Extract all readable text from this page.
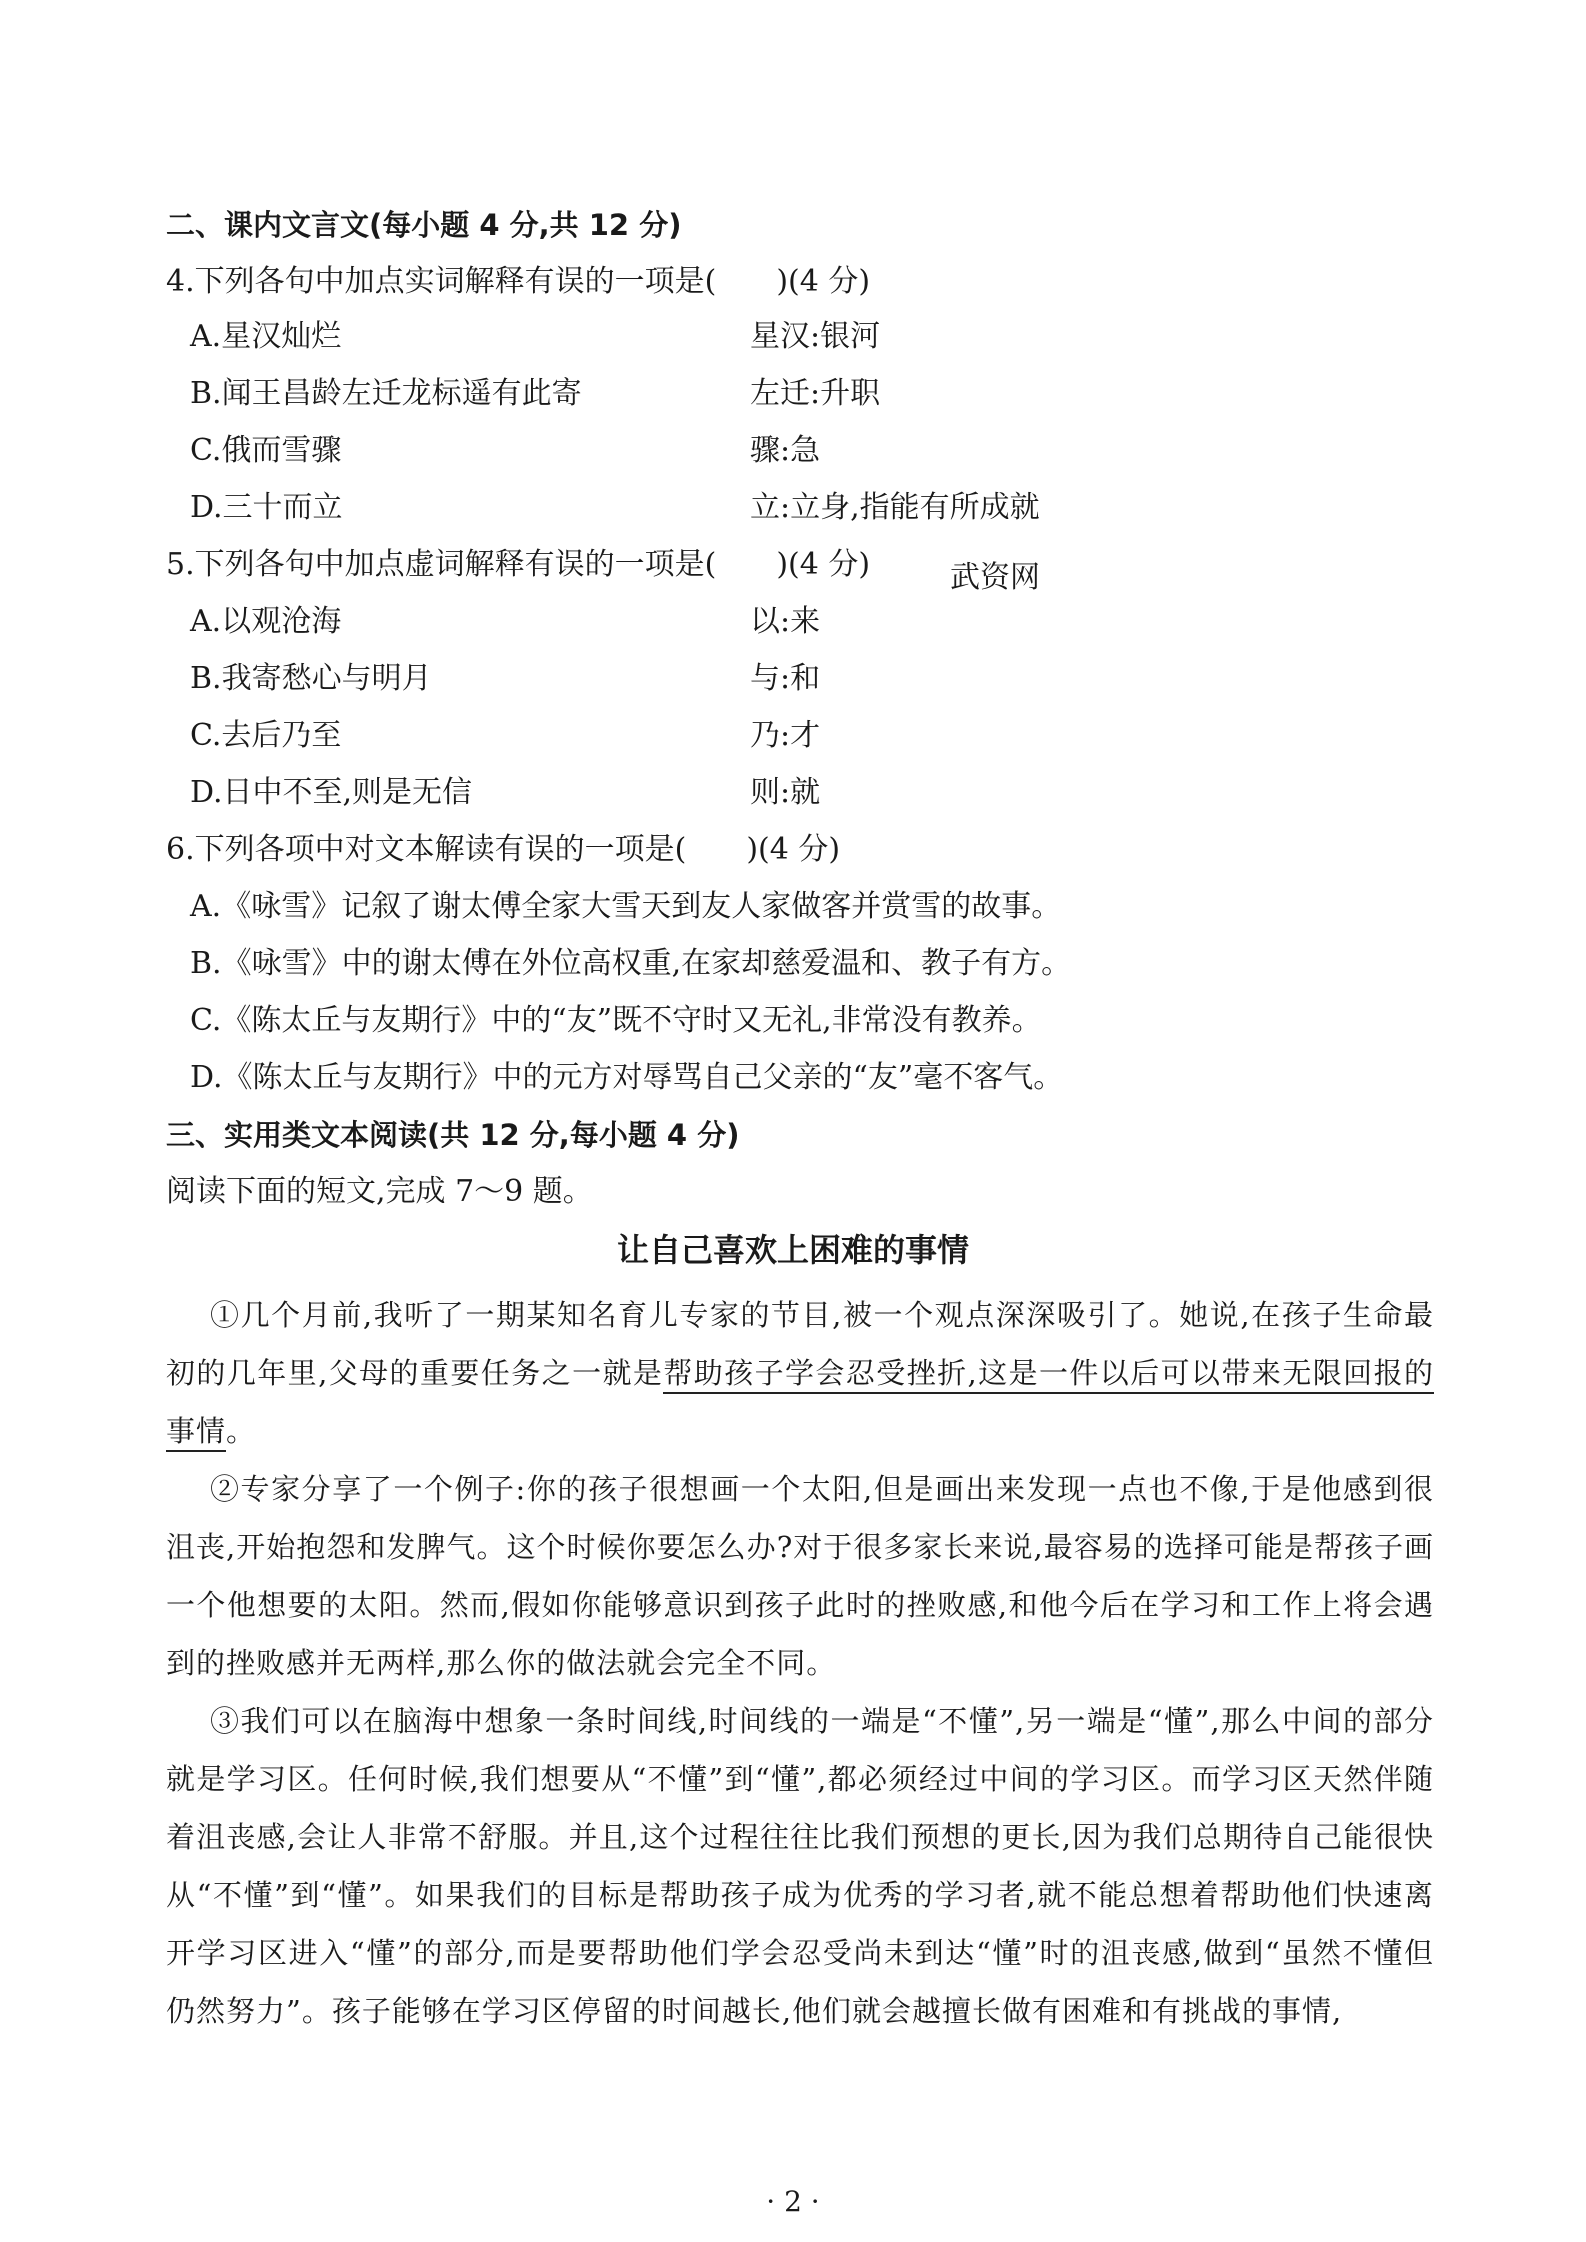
二、课内文言文(每小题 4 分,共 12 分)
4.下列各句中加点实词解释有误的一项是(　　)(4 分)
A.星汉灿烂	星汉:银河
B.闻王昌龄左迁龙标遥有此寄	左迁:升职
C.俄而雪骤	骤:急
D.三十而立	立:立身,指能有所成就
5.下列各句中加点虚词解释有误的一项是(　　)(4 分)	武资网
A.以观沧海	以:来
B.我寄愁心与明月	与:和
C.去后乃至	乃:才
D.日中不至,则是无信	则:就
6.下列各项中对文本解读有误的一项是(　　)(4 分)
A.《咏雪》记叙了谢太傅全家大雪天到友人家做客并赏雪的故事。
B.《咏雪》中的谢太傅在外位高权重,在家却慈爱温和、教子有方。
C.《陈太丘与友期行》中的“友”既不守时又无礼,非常没有教养。
D.《陈太丘与友期行》中的元方对辱骂自己父亲的“友”毫不客气。
三、实用类文本阅读(共 12 分,每小题 4 分)
阅读下面的短文,完成 7～9 题。
让自己喜欢上困难的事情
①几个月前,我听了一期某知名育儿专家的节目,被一个观点深深吸引了。她说,在孩子生命最初的几年里,父母的重要任务之一就是帮助孩子学会忍受挫折,这是一件以后可以带来无限回报的事情。
②专家分享了一个例子:你的孩子很想画一个太阳,但是画出来发现一点也不像,于是他感到很沮丧,开始抱怨和发脾气。这个时候你要怎么办?对于很多家长来说,最容易的选择可能是帮孩子画一个他想要的太阳。然而,假如你能够意识到孩子此时的挫败感,和他今后在学习和工作上将会遇到的挫败感并无两样,那么你的做法就会完全不同。
③我们可以在脑海中想象一条时间线,时间线的一端是“不懂”,另一端是“懂”,那么中间的部分就是学习区。任何时候,我们想要从“不懂”到“懂”,都必须经过中间的学习区。而学习区天然伴随着沮丧感,会让人非常不舒服。并且,这个过程往往比我们预想的更长,因为我们总期待自己能很快从“不懂”到“懂”。如果我们的目标是帮助孩子成为优秀的学习者,就不能总想着帮助他们快速离开学习区进入“懂”的部分,而是要帮助他们学会忍受尚未到达“懂”时的沮丧感,做到“虽然不懂但仍然努力”。孩子能够在学习区停留的时间越长,他们就会越擅长做有困难和有挑战的事情,
· 2 ·
